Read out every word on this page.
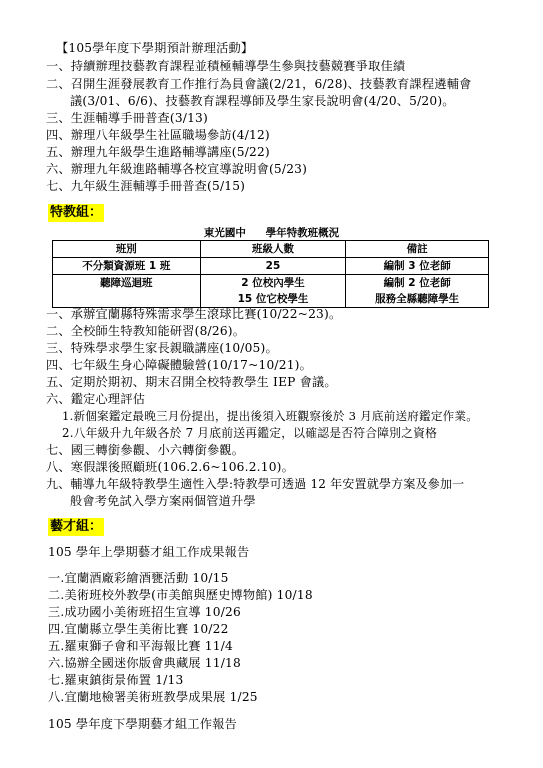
【105學年度下學期預計辦理活動】
一、持續辦理技藝教育課程並積極輔導學生參與技藝競賽爭取佳績
二、召開生涯發展教育工作推行為員會議(2/21，6/28)、技藝教育課程遴輔會
議(3/01、6/6)、技藝教育課程導師及學生家長說明會(4/20、5/20)。
三、生涯輔導手冊普查(3/13)
四、辦理八年級學生社區職場參訪(4/12)
五、辦理九年級學生進路輔導講座(5/22)
六、辦理九年級進路輔導各校宣導說明會(5/23)
七、九年級生涯輔導手冊普查(5/15)
特教組：
東光國中 學年特教班概況
班別	班級人數	備註
不分類資源班 1 班	25	編制 3 位老師
聽障巡迴班	2 位校內學生	編制 2 位老師
	15 位它校學生	服務全縣聽障學生
一、承辦宜蘭縣特殊需求學生滾球比賽(10/22~23)。
二、全校師生特教知能研習(8/26)。
三、特殊學求學生家長親職講座(10/05)。
四、七年級生身心障礙體驗營(10/17~10/21)。
五、定期於期初、期末召開全校特教學生 IEP 會議。
六、鑑定心理評估
1.新個案鑑定最晚三月份提出，提出後須入班觀察後於 3 月底前送府鑑定作業。
2.八年級升九年級各於 7 月底前送再鑑定，以確認是否符合障別之資格
七、國三轉銜參觀、小六轉銜參觀。
八、寒假課後照顧班(106.2.6~106.2.10)。
九、輔導九年級特教學生適性入學:特教學可透過 12 年安置就學方案及參加一
般會考免試入學方案兩個管道升學
藝才組：
105 學年上學期藝才組工作成果報告
一.宜蘭酒廠彩繪酒甕活動 10/15
二.美術班校外教學(市美館與歷史博物館) 10/18
三.成功國小美術班招生宣導 10/26
四.宜蘭縣立學生美術比賽 10/22
五.羅東獅子會和平海報比賽 11/4
六.協辦全國迷你版會典藏展 11/18
七.羅東鎮街景佈置 1/13
八.宜蘭地檢署美術班教學成果展 1/25
105 學年度下學期藝才組工作報告
